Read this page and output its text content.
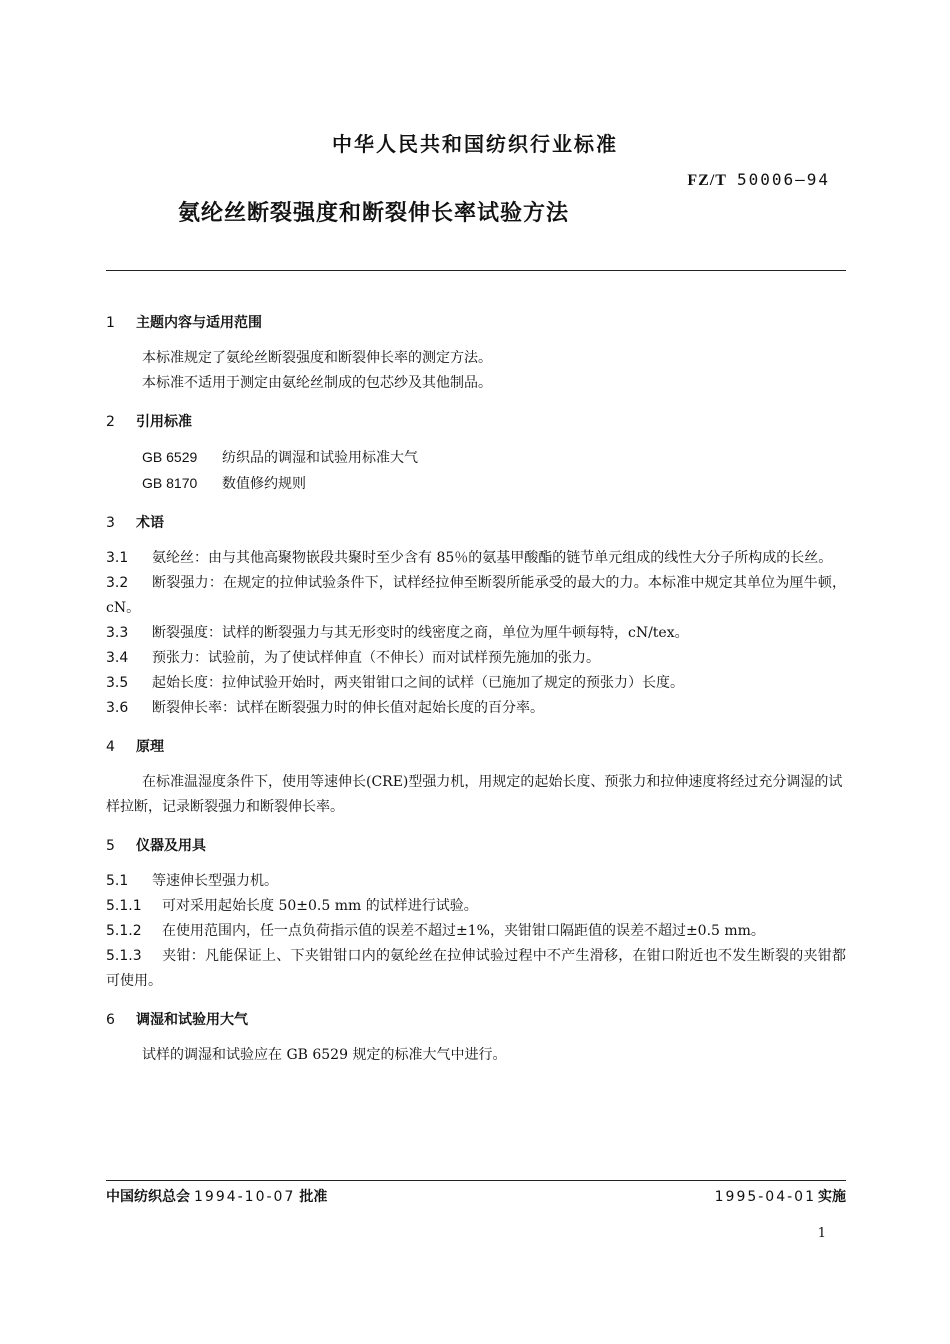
中华人民共和国纺织行业标准
FZ/T 50006—94
氨纶丝断裂强度和断裂伸长率试验方法
1 主题内容与适用范围

本标准规定了氨纶丝断裂强度和断裂伸长率的测定方法。

本标准不适用于测定由氨纶丝制成的包芯纱及其他制品。

2 引用标准

GB 6529 纺织品的调湿和试验用标准大气

GB 8170 数值修约规则

3 术语

3.1 氨纶丝：由与其他高聚物嵌段共聚时至少含有 85％的氨基甲酸酯的链节单元组成的线性大分子所构成的长丝。

3.2 断裂强力：在规定的拉伸试验条件下，试样经拉伸至断裂所能承受的最大的力。本标准中规定其单位为厘牛顿，cN。

3.3 断裂强度：试样的断裂强力与其无形变时的线密度之商，单位为厘牛顿每特，cN/tex。

3.4 预张力：试验前，为了使试样伸直（不伸长）而对试样预先施加的张力。

3.5 起始长度：拉伸试验开始时，两夹钳钳口之间的试样（已施加了规定的预张力）长度。

3.6 断裂伸长率：试样在断裂强力时的伸长值对起始长度的百分率。

4 原理

在标准温湿度条件下，使用等速伸长(CRE)型强力机，用规定的起始长度、预张力和拉伸速度将经过充分调湿的试样拉断，记录断裂强力和断裂伸长率。

5 仪器及用具

5.1 等速伸长型强力机。

5.1.1 可对采用起始长度 50±0.5 mm 的试样进行试验。

5.1.2 在使用范围内，任一点负荷指示值的误差不超过±1%，夹钳钳口隔距值的误差不超过±0.5 mm。

5.1.3 夹钳：凡能保证上、下夹钳钳口内的氨纶丝在拉伸试验过程中不产生滑移，在钳口附近也不发生断裂的夹钳都可使用。

6 调湿和试验用大气

试样的调湿和试验应在 GB 6529 规定的标准大气中进行。

中国纺织总会 1994-10-07 批准	1995-04-01 实施
1
